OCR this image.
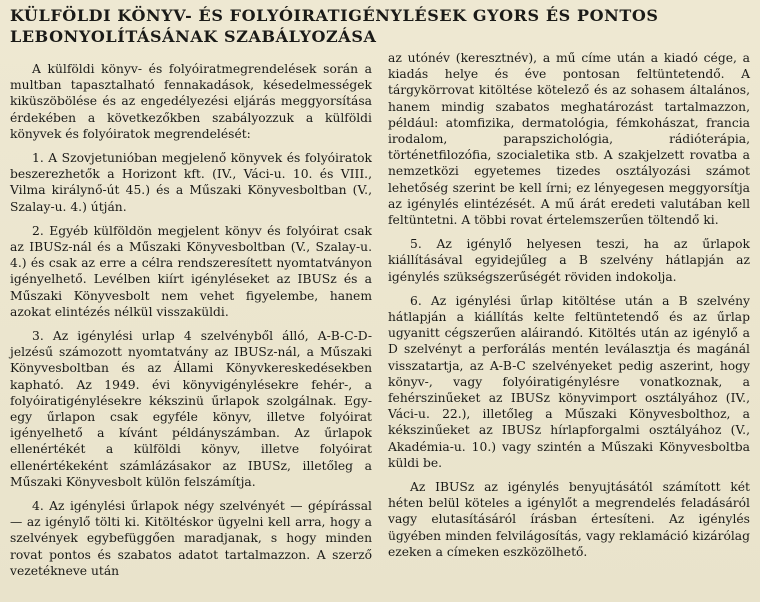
KÜLFÖLDI KÖNYV- ÉS FOLYÓIRATIGÉNYLÉSEK GYORS ÉS PONTOS
LEBONYOLÍTÁSÁNAK SZABÁLYOZÁSA

A külföldi könyv- és folyóiratmegrendelések során a multban tapasztalható fennakadások, késedelmességek kiküszöbölése és az engedélyezési eljárás meggyorsítása érdekében a következőkben szabályozzuk a külföldi könyvek és folyóiratok megrendelését:

1. A Szovjetunióban megjelenő könyvek és folyóiratok beszerezhetők a Horizont kft. (IV., Váci-u. 10. és VIII., Vilma királynő-út 45.) és a Műszaki Könyvesboltban (V., Szalay-u. 4.) útján.

2. Egyéb külföldön megjelent könyv és folyóirat csak az IBUSz-nál és a Műszaki Könyvesboltban (V., Szalay-u. 4.) és csak az erre a célra rendszeresített nyomtatványon igényelhető. Levélben kiírt igényléseket az IBUSz és a Műszaki Könyvesbolt nem vehet figyelembe, hanem azokat elintézés nélkül visszaküldi.

3. Az igénylési urlap 4 szelvényből álló, A-B-C-D-jelzésű számozott nyomtatvány az IBUSz-nál, a Műszaki Könyvesboltban és az Állami Könyvkereskedésekben kapható. Az 1949. évi könyvigénylésekre fehér-, a folyóiratigénylésekre kékszinü űrlapok szolgálnak. Egy-egy űrlapon csak egyféle könyv, illetve folyóirat igényelhető a kívánt példányszámban. Az űrlapok ellenértékét a külföldi könyv, illetve folyóirat ellenértékeként számlázásakor az IBUSz, illetőleg a Műszaki Könyvesbolt külön felszámítja.

4. Az igénylési űrlapok négy szelvényét — gépírással — az igénylő tölti ki. Kitöltéskor ügyelni kell arra, hogy a szelvények egybefüggően maradjanak, s hogy minden rovat pontos és szabatos adatot tartalmazzon. A szerző vezetékneve után

az utónév (keresztnév), a mű címe után a kiadó cége, a kiadás helye és éve pontosan feltüntetendő. A tárgykörrovat kitöltése kötelező és az sohasem általános, hanem mindig szabatos meghatározást tartalmazzon, például: atomfizika, dermatológia, fémkohászat, francia irodalom, parapszichológia, rádióterápia, történetfilozófia, szocialetika stb. A szakjelzett rovatba a nemzetközi egyetemes tizedes osztályozási számot lehetőség szerint be kell írni; ez lényegesen meggyorsítja az igénylés elintézését. A mű árát eredeti valutában kell feltüntetni. A többi rovat értelemszerűen töltendő ki.

5. Az igénylő helyesen teszi, ha az űrlapok kiállításával egyidejűleg a B szelvény hátlapján az igénylés szükségszerűségét röviden indokolja.

6. Az igénylési űrlap kitöltése után a B szelvény hátlapján a kiállítás kelte feltüntetendő és az űrlap ugyanitt cégszerűen aláirandó. Kitöltés után az igénylő a D szelvényt a perforálás mentén leválasztja és magánál visszatartja, az A-B-C szelvényeket pedig aszerint, hogy könyv-, vagy folyóiratigénylésre vonatkoznak, a fehérszinűeket az IBUSz könyvimport osztályához (IV., Váci-u. 22.), illetőleg a Műszaki Könyvesbolthoz, a kékszinűeket az IBUSz hírlapforgalmi osztályához (V., Akadémia-u. 10.) vagy szintén a Műszaki Könyvesboltba küldi be.

Az IBUSz az igénylés benyujtásától számított két héten belül köteles a igénylőt a megrendelés feladásáról vagy elutasításáról írásban értesíteni. Az igénylés ügyében minden felvilágosítás, vagy reklamáció kizárólag ezeken a címeken eszközölhető.
